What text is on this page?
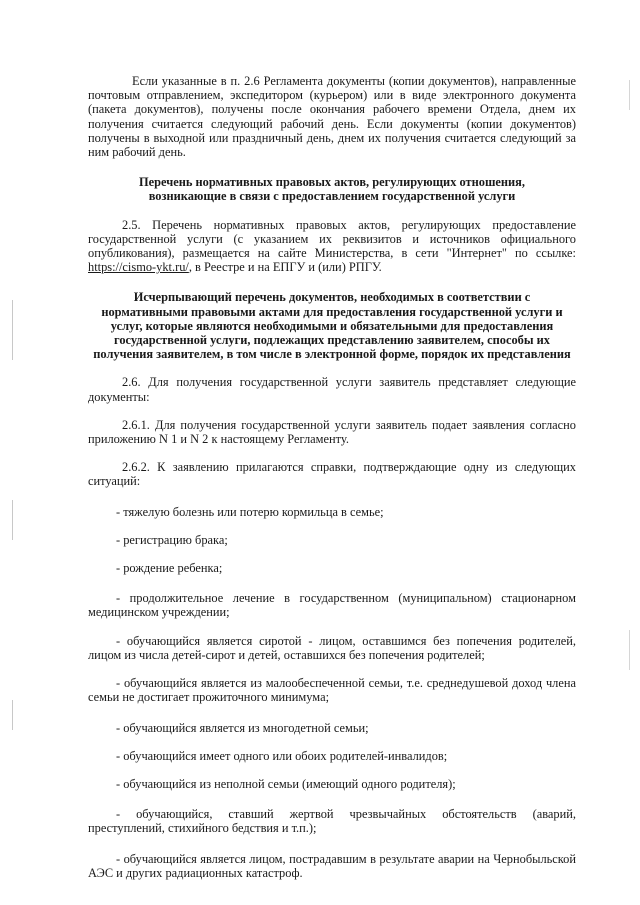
Если указанные в п. 2.6 Регламента документы (копии документов), направленные почтовым отправлением, экспедитором (курьером) или в виде электронного документа (пакета документов), получены после окончания рабочего времени Отдела, днем их получения считается следующий рабочий день. Если документы (копии документов) получены в выходной или праздничный день, днем их получения считается следующий за ним рабочий день.

Перечень нормативных правовых актов, регулирующих отношения,
возникающие в связи с предоставлением государственной услуги

2.5. Перечень нормативных правовых актов, регулирующих предоставление государственной услуги (с указанием их реквизитов и источников официального опубликования), размещается на сайте Министерства, в сети "Интернет" по ссылке: https://cismo-ykt.ru/, в Реестре и на ЕПГУ и (или) РПГУ.

Исчерпывающий перечень документов, необходимых в соответствии с
нормативными правовыми актами для предоставления государственной услуги и
услуг, которые являются необходимыми и обязательными для предоставления
государственной услуги, подлежащих представлению заявителем, способы их
получения заявителем, в том числе в электронной форме, порядок их представления

2.6. Для получения государственной услуги заявитель представляет следующие документы:

2.6.1. Для получения государственной услуги заявитель подает заявления согласно приложению N 1 и N 2 к настоящему Регламенту.

2.6.2. К заявлению прилагаются справки, подтверждающие одну из следующих ситуаций:

- тяжелую болезнь или потерю кормильца в семье;

- регистрацию брака;

- рождение ребенка;

- продолжительное лечение в государственном (муниципальном) стационарном медицинском учреждении;

- обучающийся является сиротой - лицом, оставшимся без попечения родителей, лицом из числа детей-сирот и детей, оставшихся без попечения родителей;

- обучающийся является из малообеспеченной семьи, т.е. среднедушевой доход члена семьи не достигает прожиточного минимума;

- обучающийся является из многодетной семьи;

- обучающийся имеет одного или обоих родителей-инвалидов;

- обучающийся из неполной семьи (имеющий одного родителя);

- обучающийся, ставший жертвой чрезвычайных обстоятельств (аварий, преступлений, стихийного бедствия и т.п.);

- обучающийся является лицом, пострадавшим в результате аварии на Чернобыльской АЭС и других радиационных катастроф.
